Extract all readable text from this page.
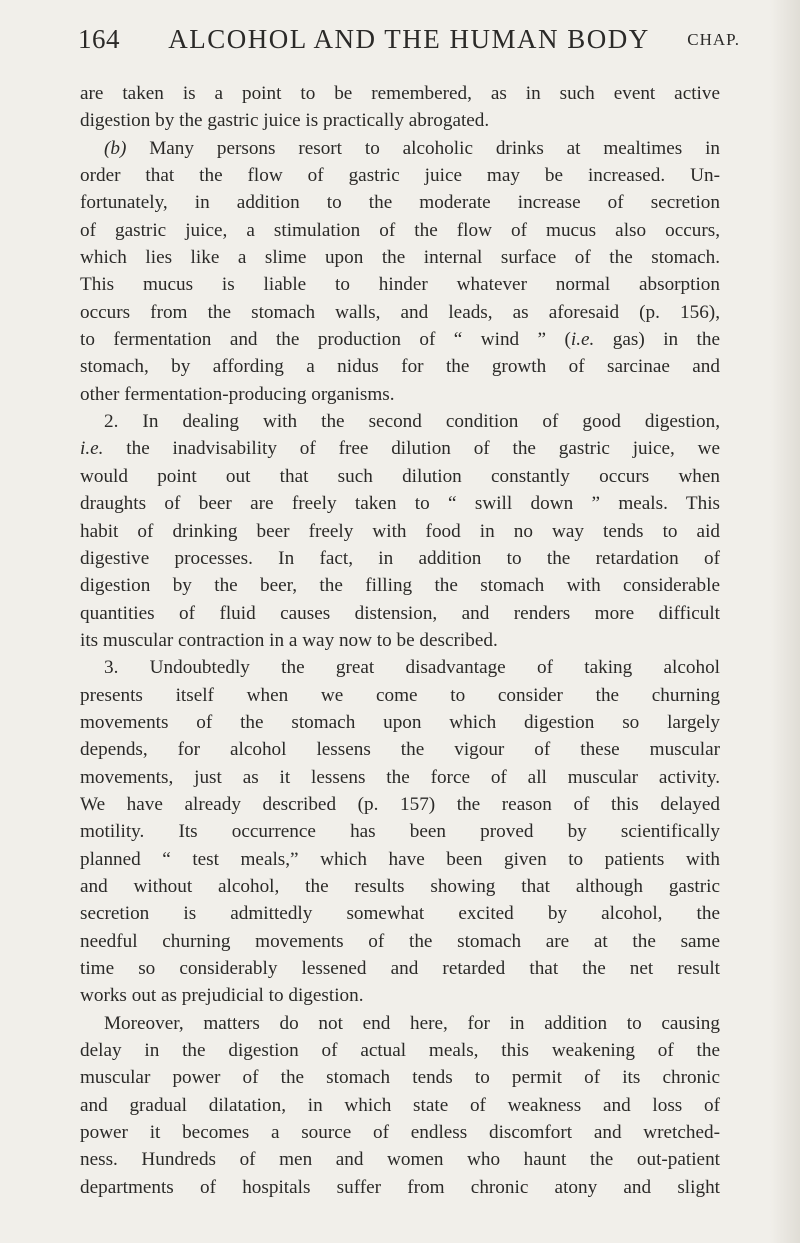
164	ALCOHOL AND THE HUMAN BODY	CHAP.

are taken is a point to be remembered, as in such event active

digestion by the gastric juice is practically abrogated.

(b) Many persons resort to alcoholic drinks at mealtimes in

order that the flow of gastric juice may be increased. Un-

fortunately, in addition to the moderate increase of secretion

of gastric juice, a stimulation of the flow of mucus also occurs,

which lies like a slime upon the internal surface of the stomach.

This mucus is liable to hinder whatever normal absorption

occurs from the stomach walls, and leads, as aforesaid (p. 156),

to fermentation and the production of “ wind ” (i.e. gas) in the

stomach, by affording a nidus for the growth of sarcinae and

other fermentation-producing organisms.

2. In dealing with the second condition of good digestion,

i.e. the inadvisability of free dilution of the gastric juice, we

would point out that such dilution constantly occurs when

draughts of beer are freely taken to “ swill down ” meals. This

habit of drinking beer freely with food in no way tends to aid

digestive processes. In fact, in addition to the retardation of

digestion by the beer, the filling the stomach with considerable

quantities of fluid causes distension, and renders more difficult

its muscular contraction in a way now to be described.

3. Undoubtedly the great disadvantage of taking alcohol

presents itself when we come to consider the churning

movements of the stomach upon which digestion so largely

depends, for alcohol lessens the vigour of these muscular

movements, just as it lessens the force of all muscular activity.

We have already described (p. 157) the reason of this delayed

motility. Its occurrence has been proved by scientifically

planned “ test meals,” which have been given to patients with

and without alcohol, the results showing that although gastric

secretion is admittedly somewhat excited by alcohol, the

needful churning movements of the stomach are at the same

time so considerably lessened and retarded that the net result

works out as prejudicial to digestion.

Moreover, matters do not end here, for in addition to causing

delay in the digestion of actual meals, this weakening of the

muscular power of the stomach tends to permit of its chronic

and gradual dilatation, in which state of weakness and loss of

power it becomes a source of endless discomfort and wretched-

ness. Hundreds of men and women who haunt the out-patient

departments of hospitals suffer from chronic atony and slight
